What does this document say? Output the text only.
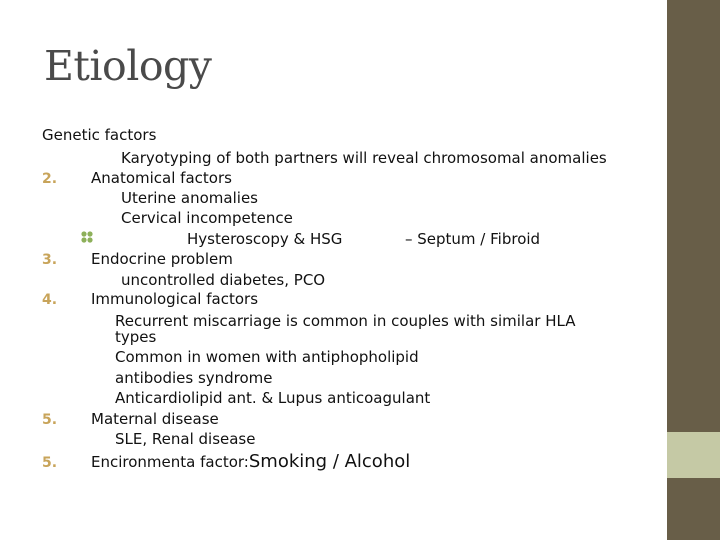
Etiology
Genetic factors
Karyotyping of both partners will reveal chromosomal anomalies
2. Anatomical factors
Uterine anomalies
Cervical incompetence
Hysteroscopy & HSG	– Septum / Fibroid
3. Endocrine problem
uncontrolled diabetes, PCO
4. Immunological factors
Recurrent miscarriage is common in couples with similar HLA
types
Common in women with antiphopholipid
antibodies syndrome
Anticardiolipid ant. & Lupus anticoagulant
5. Maternal disease
SLE, Renal disease
5. Encironmenta factor:Smoking / Alcohol
